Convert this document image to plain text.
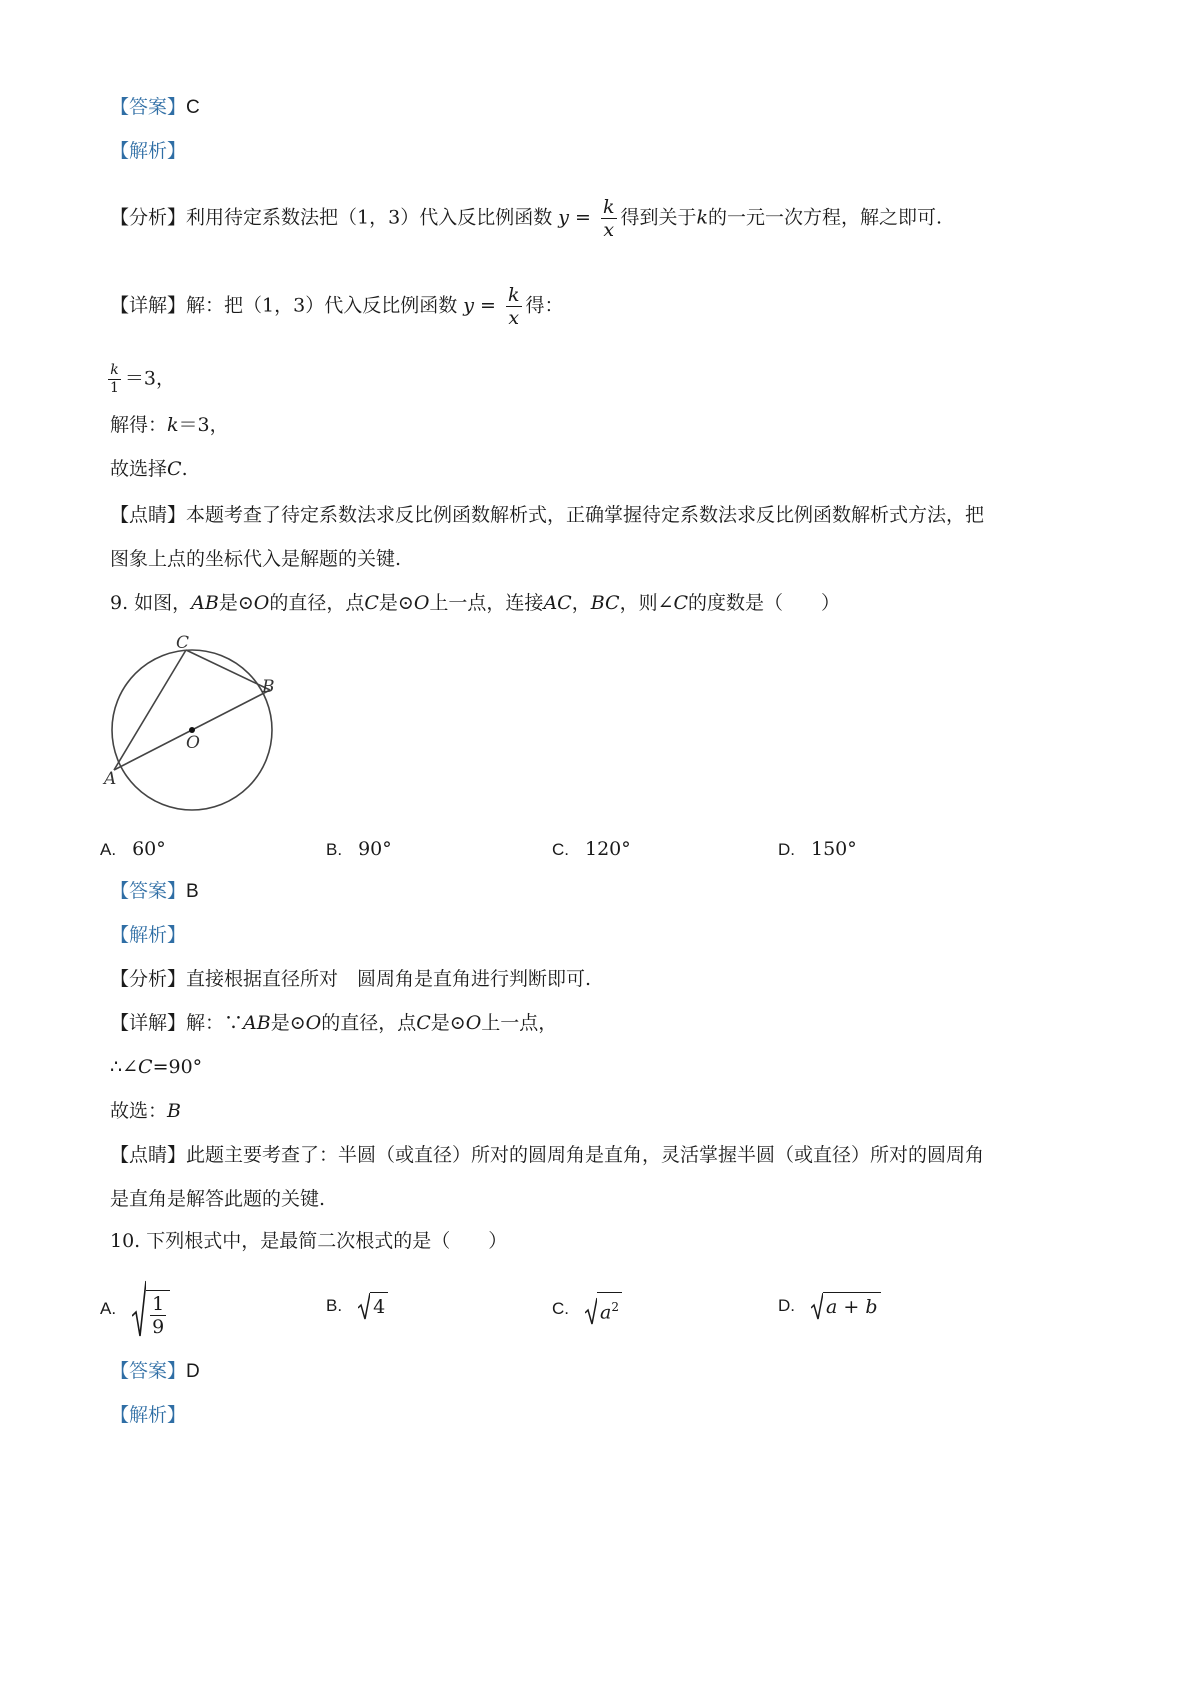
【答案】C
【解析】
【分析】利用待定系数法把（1，3）代入反比例函数 $y = \frac{k}{x}$ 得到关于k的一元一次方程，解之即可.
【详解】解：把（1，3）代入反比例函数 $y = \frac{k}{x}$ 得：
$\frac{k}{1} =3$，
解得：k＝3，
故选择C.
【点睛】本题考查了待定系数法求反比例函数解析式，正确掌握待定系数法求反比例函数解析式方法，把
图象上点的坐标代入是解题的关键.
9. 如图，AB是⊙O的直径，点C是⊙O上一点，连接AC，BC，则∠C的度数是（　　）
C
B
O
A
A. 60°	B. 90°	C. 120°	D. 150°
【答案】B
【解析】
【分析】直接根据直径所对　圆周角是直角进行判断即可.
【详解】解：∵AB是⊙O的直径，点C是⊙O上一点，
∴∠C=90°
故选：B
【点睛】此题主要考查了：半圆（或直径）所对的圆周角是直角，灵活掌握半圆（或直径）所对的圆周角
是直角是解答此题的关键.
10. 下列根式中，是最简二次根式的是（　　）
A. $\frac{1}{9}$	B. 4	C. $a^2$	D. a + b
【答案】D
【解析】
